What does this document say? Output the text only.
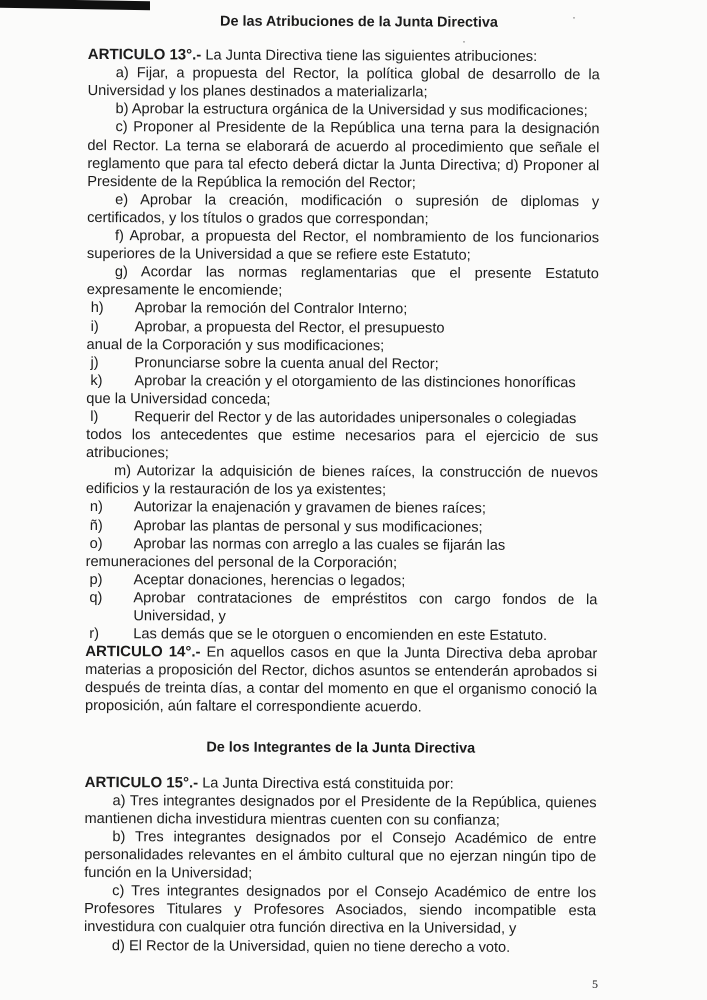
·
·

De las Atribuciones de la Junta Directiva

ARTICULO 13°.- La Junta Directiva tiene las siguientes atribuciones:

a) Fijar, a propuesta del Rector, la política global de desarrollo de la Universidad y los planes destinados a materializarla;

b) Aprobar la estructura orgánica de la Universidad y sus modificaciones;

c) Proponer al Presidente de la República una terna para la designación del Rector. La terna se elaborará de acuerdo al procedimiento que señale el reglamento que para tal efecto deberá dictar la Junta Directiva; d) Proponer al Presidente de la República la remoción del Rector;

e) Aprobar la creación, modificación o supresión de diplomas y certificados, y los títulos o grados que correspondan;

f) Aprobar, a propuesta del Rector, el nombramiento de los funcionarios superiores de la Universidad a que se refiere este Estatuto;

g) Acordar las normas reglamentarias que el presente Estatuto expresamente le encomiende;

h)	Aprobar la remoción del Contralor Interno;
i)	Aprobar, a propuesta del Rector, el presupuesto

anual de la Corporación y sus modificaciones;

j)	Pronunciarse sobre la cuenta anual del Rector;
k)	Aprobar la creación y el otorgamiento de las distinciones honoríficas

que la Universidad conceda;

l)	Requerir del Rector y de las autoridades unipersonales o colegiadas

todos los antecedentes que estime necesarios para el ejercicio de sus atribuciones;

m) Autorizar la adquisición de bienes raíces, la construcción de nuevos edificios y la restauración de los ya existentes;

n)	Autorizar la enajenación y gravamen de bienes raíces;
ñ)	Aprobar las plantas de personal y sus modificaciones;
o)	Aprobar las normas con arreglo a las cuales se fijarán las

remuneraciones del personal de la Corporación;

p)	Aceptar donaciones, herencias o legados;
q)	Aprobar contrataciones de empréstitos con cargo fondos de la Universidad, y
r)	Las demás que se le otorguen o encomienden en este Estatuto.

ARTICULO 14°.- En aquellos casos en que la Junta Directiva deba aprobar materias a proposición del Rector, dichos asuntos se entenderán aprobados si después de treinta días, a contar del momento en que el organismo conoció la proposición, aún faltare el correspondiente acuerdo.

De los Integrantes de la Junta Directiva

ARTICULO 15°.- La Junta Directiva está constituida por:

a) Tres integrantes designados por el Presidente de la República, quienes mantienen dicha investidura mientras cuenten con su confianza;

b) Tres integrantes designados por el Consejo Académico de entre personalidades relevantes en el ámbito cultural que no ejerzan ningún tipo de función en la Universidad;

c) Tres integrantes designados por el Consejo Académico de entre los Profesores Titulares y Profesores Asociados, siendo incompatible esta investidura con cualquier otra función directiva en la Universidad, y

d) El Rector de la Universidad, quien no tiene derecho a voto.

5
